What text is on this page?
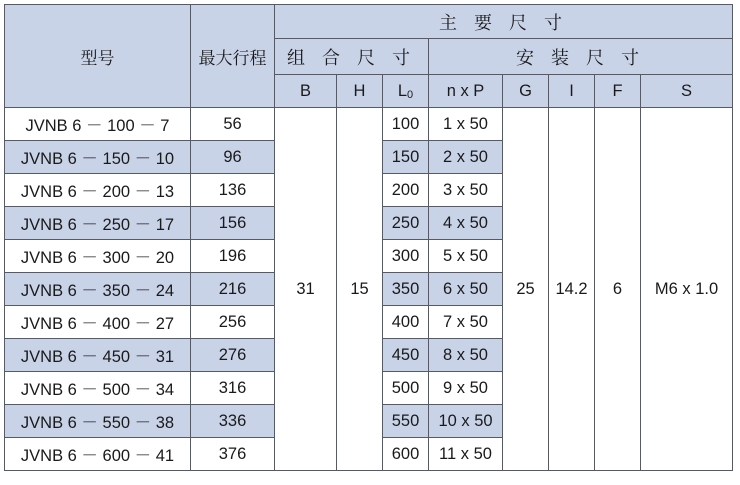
型号	最大行程	主 要 尺 寸							
		组 合 尺 寸			安 装 尺 寸				
		B	H	$L_0$	n x P	G	I	F	S
JVNB 6 － 100 － 7	56	31	15	100	1 x 50	25	14.2	6	M6 x 1.0
JVNB 6 － 150 － 10	96			150	2 x 50				
JVNB 6 － 200 － 13	136			200	3 x 50				
JVNB 6 － 250 － 17	156			250	4 x 50				
JVNB 6 － 300 － 20	196			300	5 x 50				
JVNB 6 － 350 － 24	216			350	6 x 50				
JVNB 6 － 400 － 27	256			400	7 x 50				
JVNB 6 － 450 － 31	276			450	8 x 50				
JVNB 6 － 500 － 34	316			500	9 x 50				
JVNB 6 － 550 － 38	336			550	10 x 50				
JVNB 6 － 600 － 41	376			600	11 x 50				
